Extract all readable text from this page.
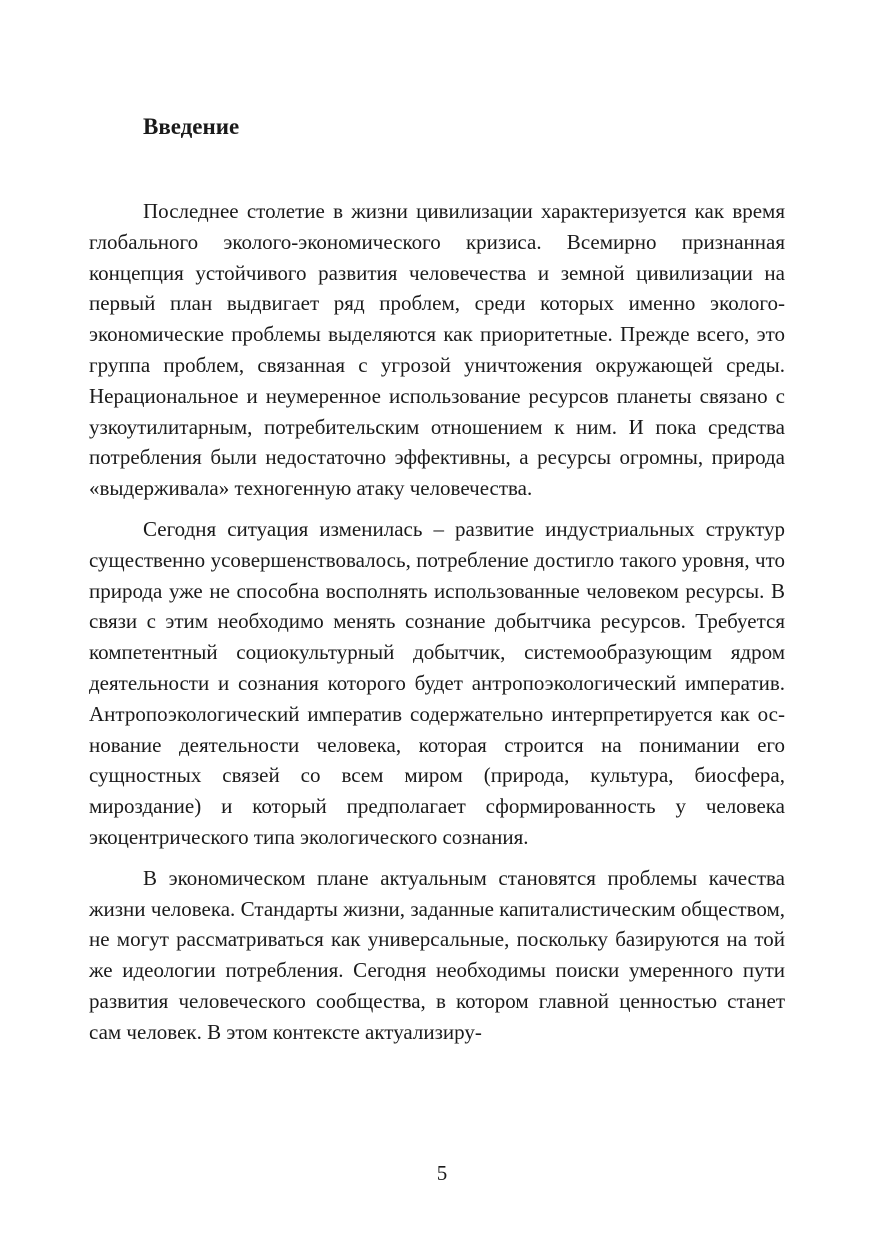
Введение

Последнее столетие в жизни цивилизации характеризуется как время глобального эколого-экономического кризиса. Всемирно признанная концепция устойчивого развития человечества и земной цивилизации на первый план выдвигает ряд проблем, среди которых именно эколого-экономические проблемы выделяются как приоритетные. Прежде всего, это группа проблем, связанная с угрозой уничтожения окружающей среды. Нерациональное и неумеренное использование ресурсов планеты связано с узкоутилитарным, потребительским отношением к ним. И пока средства потребления были недостаточно эффективны, а ресурсы огромны, природа «выдерживала» техногенную атаку человечества.

Сегодня ситуация изменилась – развитие индустриальных структур существенно усовершенствовалось, потребление достигло такого уровня, что природа уже не способна восполнять использованные человеком ресурсы. В связи с этим необходимо менять сознание добытчика ресурсов. Требуется компетентный социокультурный добытчик, системообразующим ядром деятельности и сознания которого будет антропоэкологический императив. Антропоэкологический императив содержательно интерпретируется как основание деятельности человека, которая строится на понимании его сущностных связей со всем миром (природа, культура, биосфера, мироздание) и который предполагает сформированность у человека экоцентрического типа экологического сознания.

В экономическом плане актуальным становятся проблемы качества жизни человека. Стандарты жизни, заданные капиталистическим обществом, не могут рассматриваться как универсальные, поскольку базируются на той же идеологии потребления. Сегодня необходимы поиски умеренного пути развития человеческого сообщества, в котором главной ценностью станет сам человек. В этом контексте актуализиру-

5
